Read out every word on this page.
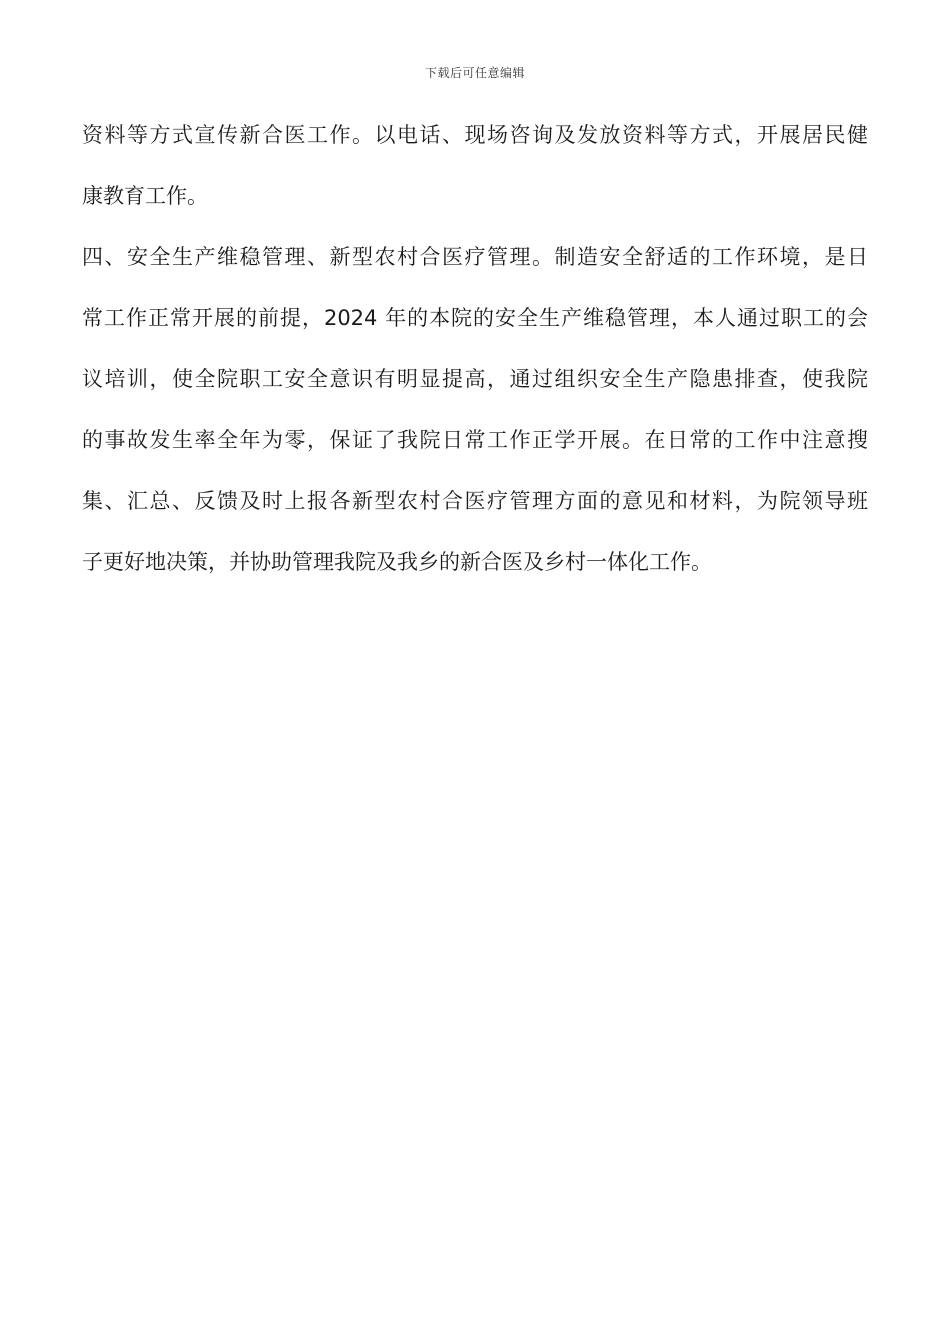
下载后可任意编辑
资料等方式宣传新合医工作。以电话、现场咨询及发放资料等方式，开展居民健
康教育工作。
四、安全生产维稳管理、新型农村合医疗管理。制造安全舒适的工作环境，是日
常工作正常开展的前提，2024 年的本院的安全生产维稳管理，本人通过职工的会
议培训，使全院职工安全意识有明显提高，通过组织安全生产隐患排查，使我院
的事故发生率全年为零，保证了我院日常工作正学开展。在日常的工作中注意搜
集、汇总、反馈及时上报各新型农村合医疗管理方面的意见和材料，为院领导班
子更好地决策，并协助管理我院及我乡的新合医及乡村一体化工作。
